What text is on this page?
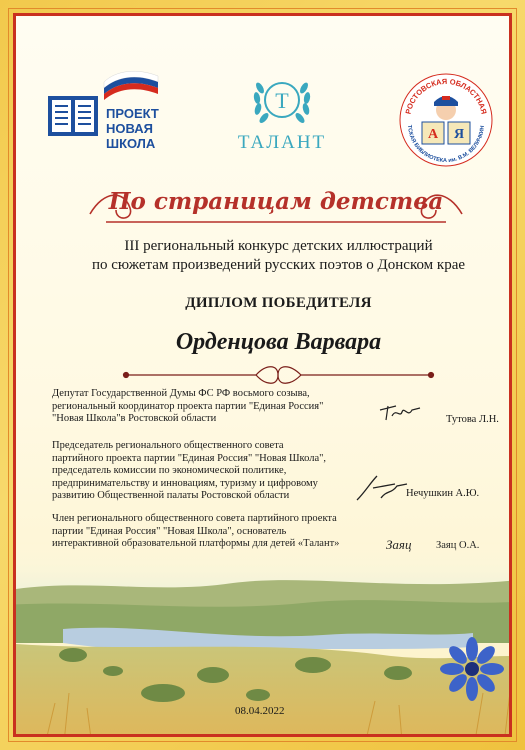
ПРОЕКТ
НОВАЯ
ШКОЛА
T
ТАЛАНТ
РОСТОВСКАЯ ОБЛАСТНАЯ
ТСКАЯ БИБЛИОТЕКА им. В.М. ВЕЛИЧКИН
А Я
По страницам детства
III региональный конкурс детских иллюстраций
по сюжетам произведений русских поэтов о Донском крае
ДИПЛОМ ПОБЕДИТЕЛЯ
Орденцова Варвара
Депутат Государственной Думы ФС РФ восьмого созыва,
региональный координатор проекта партии "Единая Россия"
"Новая Школа"в Ростовской области	Тутова Л.Н.
Председатель регионального общественного совета
партийного проекта партии "Единая Россия" "Новая Школа",
председатель комиссии по экономической политике,
предпринимательству и инновациям, туризму и цифровому
развитию Общественной палаты Ростовской области	Нечушкин А.Ю.
Член регионального общественного совета партийного проекта
партии "Единая Россия" "Новая Школа", основатель
08.04.2022
